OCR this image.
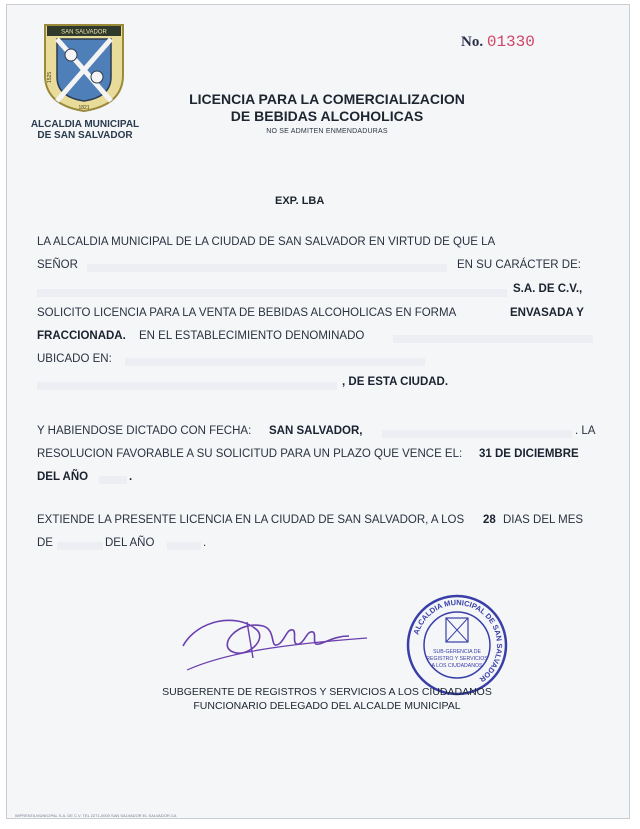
SAN SALVADOR
1525
1821
ALCALDIA MUNICIPAL
DE SAN SALVADOR
No. 01330
LICENCIA PARA LA COMERCIALIZACION
DE BEBIDAS ALCOHOLICAS
NO SE ADMITEN ENMENDADURAS
EXP. LBA
LA ALCALDIA MUNICIPAL DE LA CIUDAD DE SAN SALVADOR EN VIRTUD DE QUE LA
SEÑOR	EN SU CARÁCTER DE:
S.A. DE C.V.,
SOLICITO LICENCIA PARA LA VENTA DE BEBIDAS ALCOHOLICAS EN FORMA	ENVASADA Y
FRACCIONADA. EN EL ESTABLECIMIENTO DENOMINADO
UBICADO EN:
, DE ESTA CIUDAD.
Y HABIENDOSE DICTADO CON FECHA: SAN SALVADOR,	. LA
RESOLUCION FAVORABLE A SU SOLICITUD PARA UN PLAZO QUE VENCE EL: 31 DE DICIEMBRE
DEL AÑO	.
EXTIENDE LA PRESENTE LICENCIA EN LA CIUDAD DE SAN SALVADOR, A LOS 28 DIAS DEL MES
DE	DEL AÑO	.
ALCALDIA MUNICIPAL DE SAN SALVADOR
SUB-GERENCIA DE
REGISTRO Y SERVICIOS
A LOS CIUDADANOS
SUBGERENTE DE REGISTROS Y SERVICIOS A LOS CIUDADANOS
FUNCIONARIO DELEGADO DEL ALCALDE MUNICIPAL
IMPRENTA MUNICIPAL S.A. DE C.V. TEL 2271-0000 SAN SALVADOR EL SALVADOR CA
